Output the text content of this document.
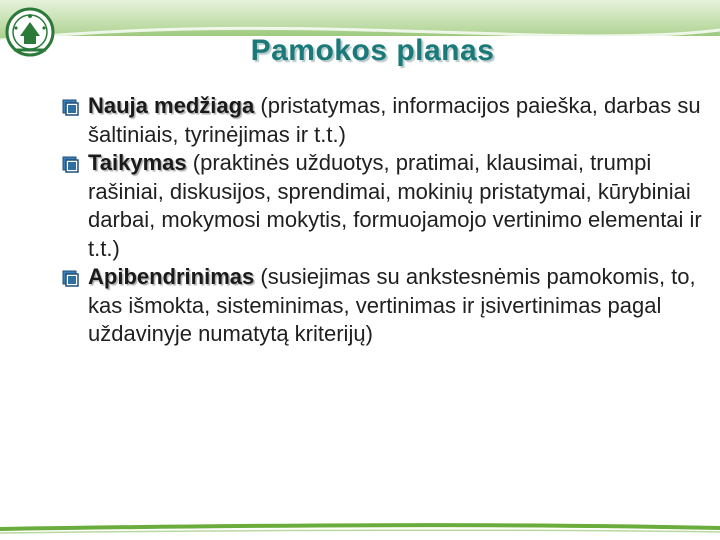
Pamokos planas
Nauja medžiaga (pristatymas, informacijos paieška, darbas su šaltiniais, tyrinėjimas ir t.t.)
Taikymas (praktinės užduotys, pratimai, klausimai, trumpi rašiniai, diskusijos, sprendimai, mokinių pristatymai, kūrybiniai darbai, mokymosi mokytis, formuojamojo vertinimo elementai ir t.t.)
Apibendrinimas (susiejimas su ankstesnėmis pamokomis, to, kas išmokta, sisteminimas, vertinimas ir įsivertinimas pagal uždavinyje numatytą kriterijų)
